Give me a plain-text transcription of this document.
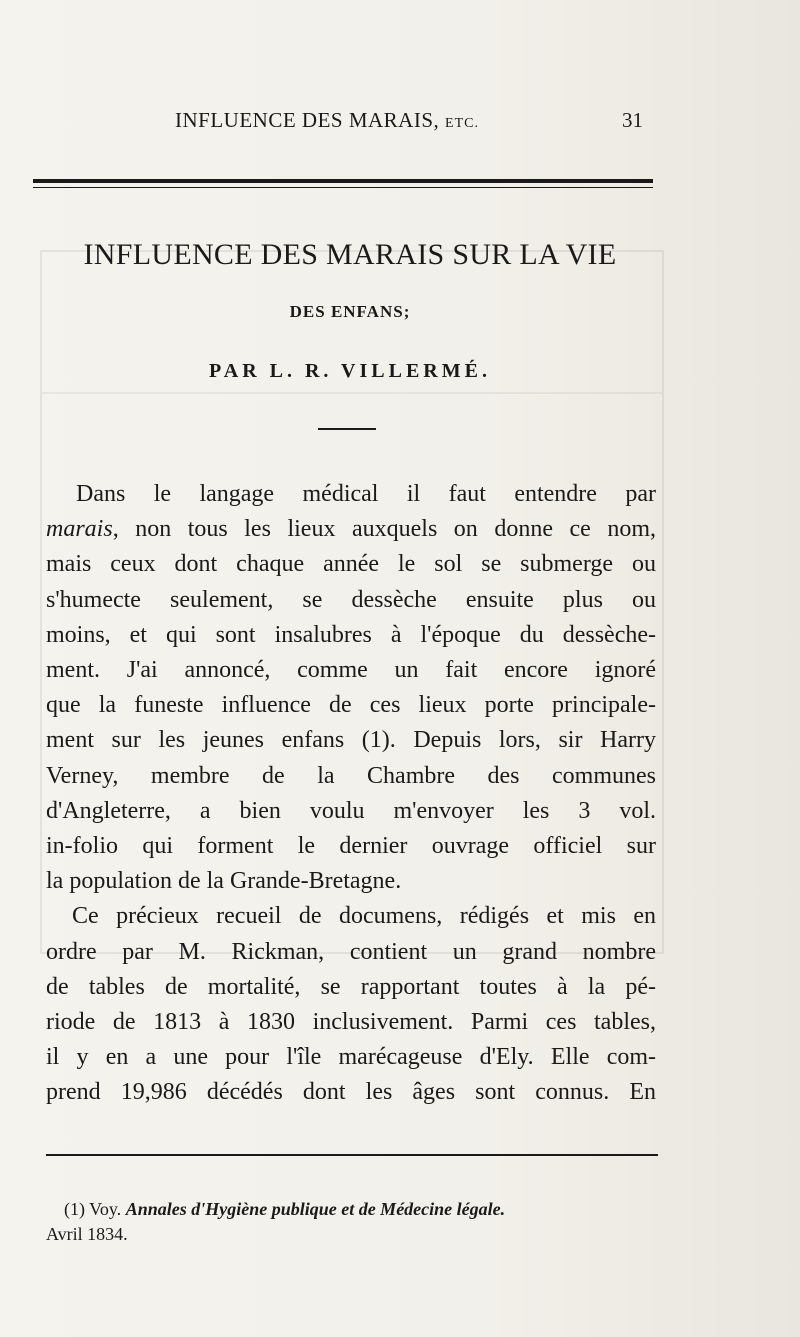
INFLUENCE DES MARAIS, ETC.	31
INFLUENCE DES MARAIS SUR LA VIE
DES ENFANS;
PAR L. R. VILLERMÉ.
Dans le langage médical il faut entendre par
marais, non tous les lieux auxquels on donne ce nom,
mais ceux dont chaque année le sol se submerge ou
s'humecte seulement, se dessèche ensuite plus ou
moins, et qui sont insalubres à l'époque du dessèche-
ment. J'ai annoncé, comme un fait encore ignoré
que la funeste influence de ces lieux porte principale-
ment sur les jeunes enfans (1). Depuis lors, sir Harry
Verney, membre de la Chambre des communes
d'Angleterre, a bien voulu m'envoyer les 3 vol.
in-folio qui forment le dernier ouvrage officiel sur
la population de la Grande-Bretagne.
Ce précieux recueil de documens, rédigés et mis en
ordre par M. Rickman, contient un grand nombre
de tables de mortalité, se rapportant toutes à la pé-
riode de 1813 à 1830 inclusivement. Parmi ces tables,
il y en a une pour l'île marécageuse d'Ely. Elle com-
prend 19,986 décédés dont les âges sont connus. En
(1) Voy. Annales d'Hygiène publique et de Médecine légale.
Avril 1834.
